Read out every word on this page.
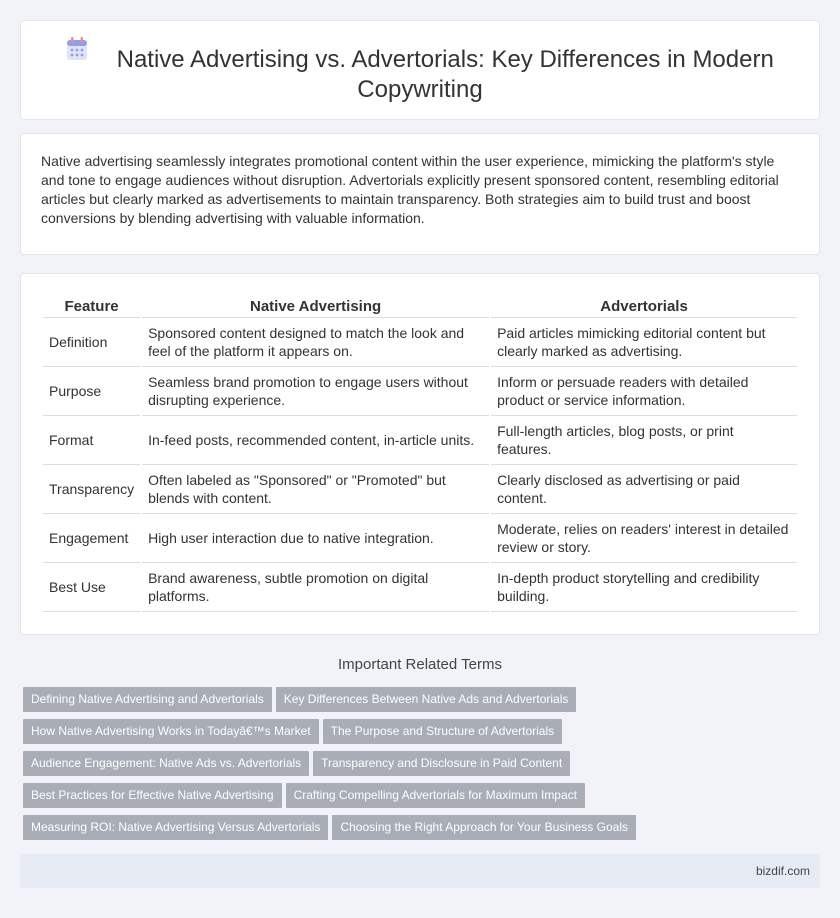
Native Advertising vs. Advertorials: Key Differences in Modern Copywriting

Native advertising seamlessly integrates promotional content within the user experience, mimicking the platform's style and tone to engage audiences without disruption. Advertorials explicitly present sponsored content, resembling editorial articles but clearly marked as advertisements to maintain transparency. Both strategies aim to build trust and boost conversions by blending advertising with valuable information.

Feature	Native Advertising	Advertorials
Definition	Sponsored content designed to match the look and feel of the platform it appears on.	Paid articles mimicking editorial content but clearly marked as advertising.
Purpose	Seamless brand promotion to engage users without disrupting experience.	Inform or persuade readers with detailed product or service information.
Format	In-feed posts, recommended content, in-article units.	Full-length articles, blog posts, or print features.
Transparency	Often labeled as "Sponsored" or "Promoted" but blends with content.	Clearly disclosed as advertising or paid content.
Engagement	High user interaction due to native integration.	Moderate, relies on readers' interest in detailed review or story.
Best Use	Brand awareness, subtle promotion on digital platforms.	In-depth product storytelling and credibility building.
Important Related Terms
Defining Native Advertising and Advertorials Key Differences Between Native Ads and Advertorials
How Native Advertising Works in Todayâ€™s Market The Purpose and Structure of Advertorials
Audience Engagement: Native Ads vs. Advertorials Transparency and Disclosure in Paid Content
Best Practices for Effective Native Advertising Crafting Compelling Advertorials for Maximum Impact
Measuring ROI: Native Advertising Versus Advertorials Choosing the Right Approach for Your Business Goals
bizdif.com
